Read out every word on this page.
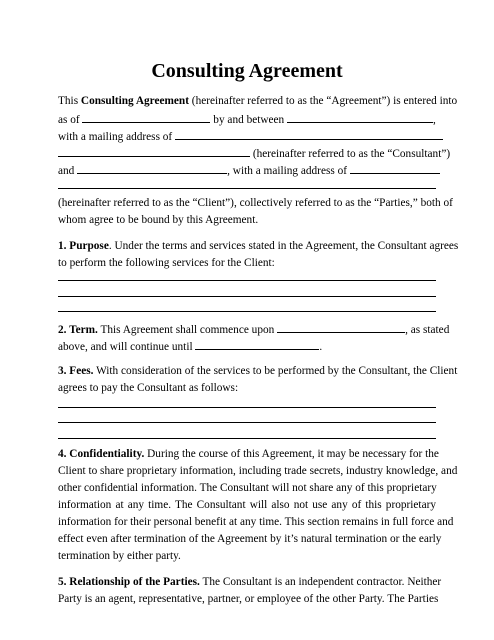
Consulting Agreement
This Consulting Agreement (hereinafter referred to as the “Agreement”) is entered into
as of	by and between	,
with a mailing address of
(hereinafter referred to as the “Consultant”)
and	, with a mailing address of
(hereinafter referred to as the “Client”), collectively referred to as the “Parties,” both of
whom agree to be bound by this Agreement.
1. Purpose. Under the terms and services stated in the Agreement, the Consultant agrees
to perform the following services for the Client:
2. Term. This Agreement shall commence upon	, as stated
above, and will continue until	.
3. Fees. With consideration of the services to be performed by the Consultant, the Client
agrees to pay the Consultant as follows:
4. Confidentiality. During the course of this Agreement, it may be necessary for the
Client to share proprietary information, including trade secrets, industry knowledge, and
other confidential information. The Consultant will not share any of this proprietary
information at any time. The Consultant will also not use any of this proprietary
information for their personal benefit at any time. This section remains in full force and
effect even after termination of the Agreement by it’s natural termination or the early
termination by either party.
5. Relationship of the Parties. The Consultant is an independent contractor. Neither
Party is an agent, representative, partner, or employee of the other Party. The Parties
